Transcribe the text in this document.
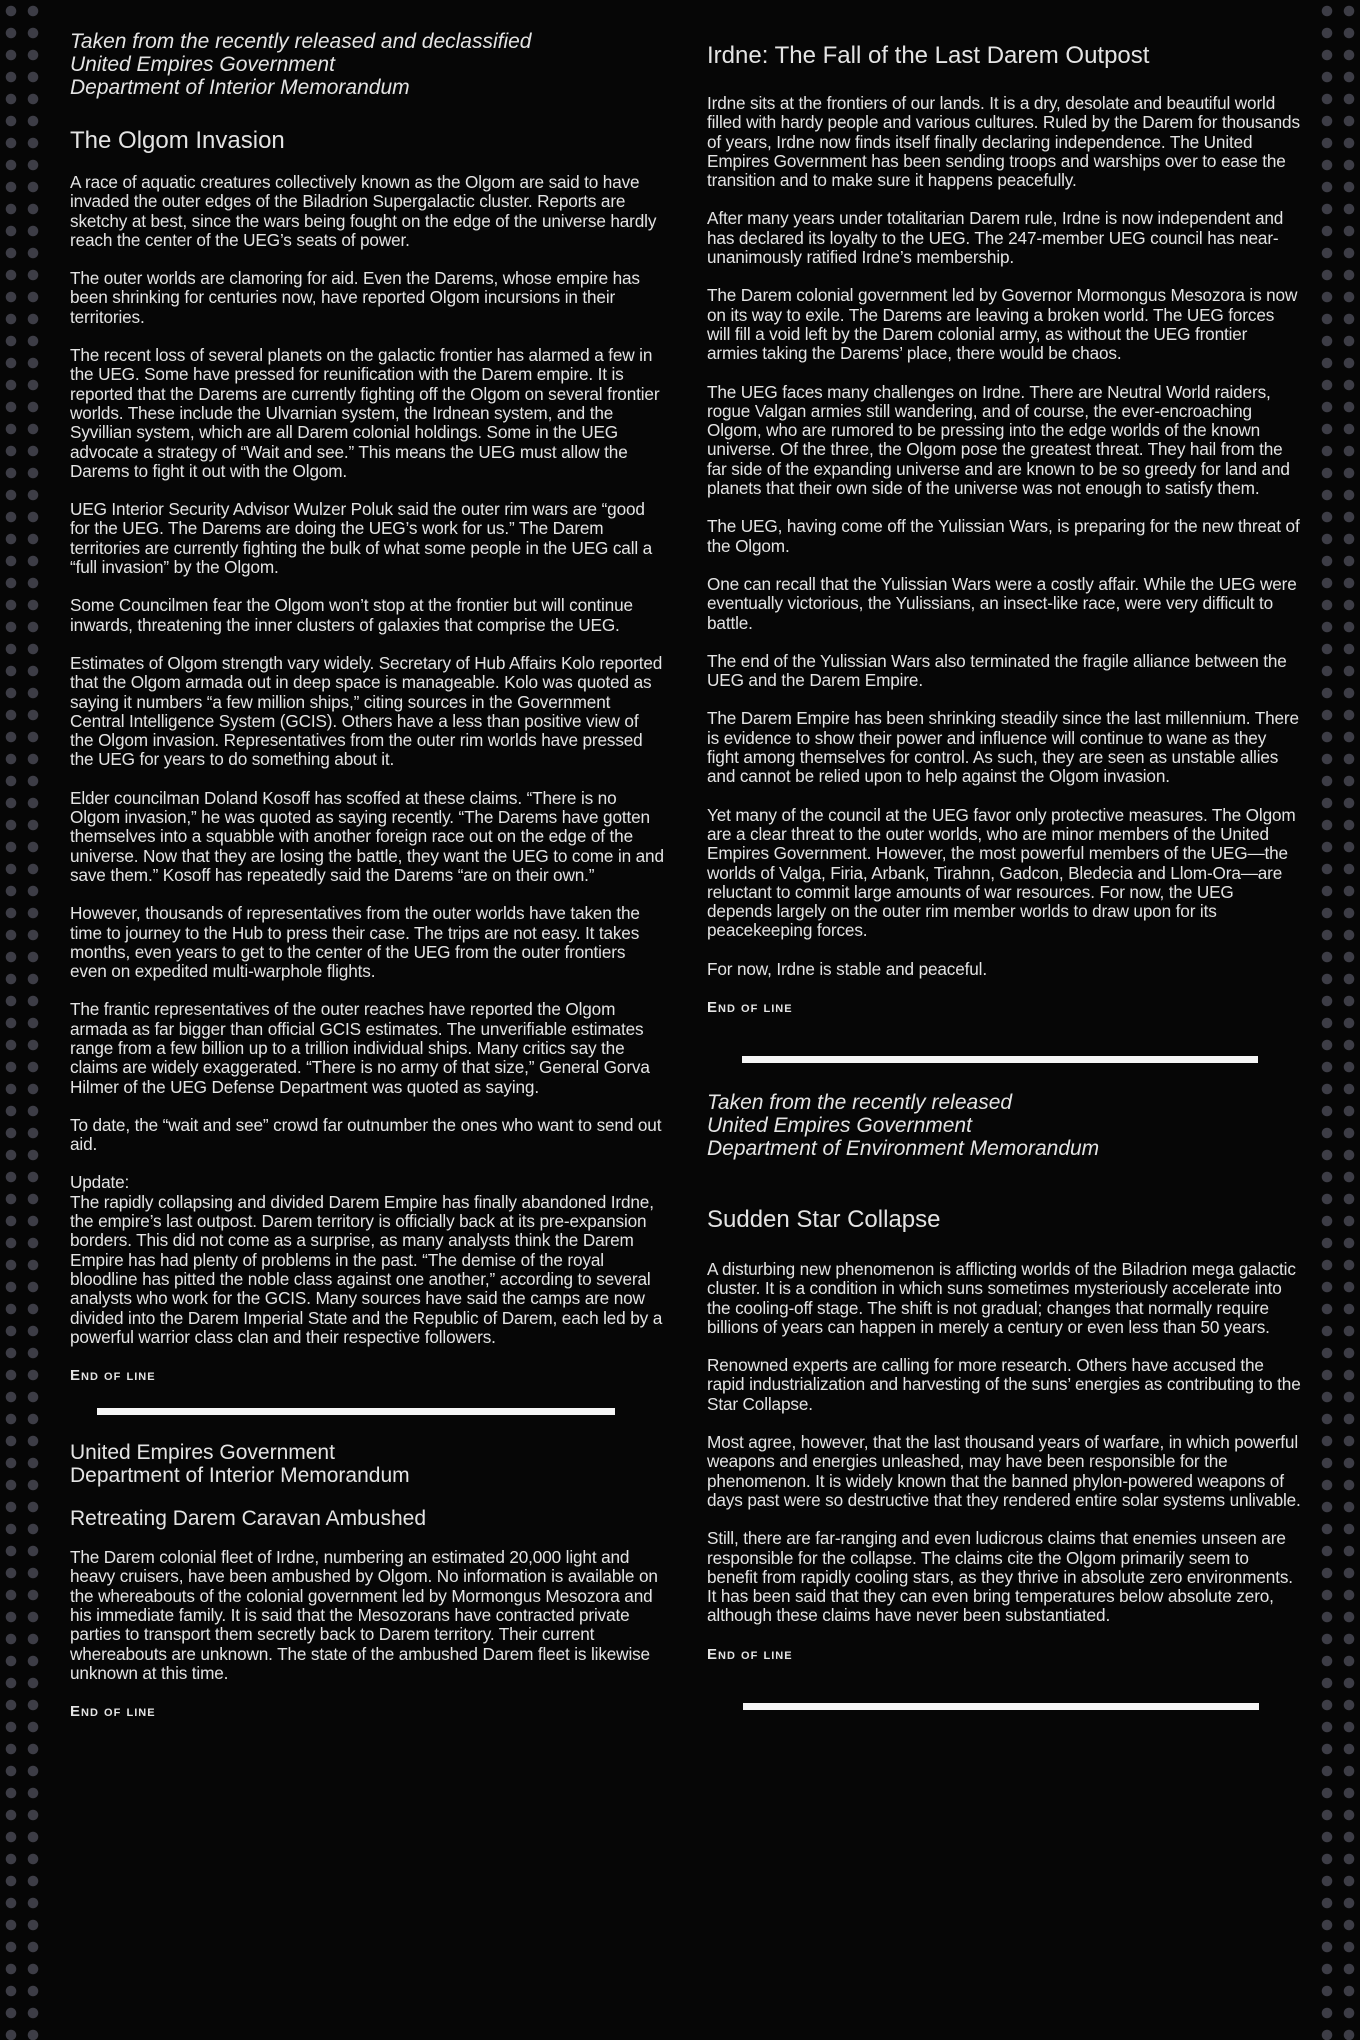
Taken from the recently released and declassified
United Empires Government
Department of Interior Memorandum
The Olgom Invasion

A race of aquatic creatures collectively known as the Olgom are said to have invaded the outer edges of the Biladrion Supergalactic cluster. Reports are sketchy at best, since the wars being fought on the edge of the universe hardly reach the center of the UEG’s seats of power.

The outer worlds are clamoring for aid. Even the Darems, whose empire has been shrinking for centuries now, have reported Olgom incursions in their territories.

The recent loss of several planets on the galactic frontier has alarmed a few in the UEG. Some have pressed for reunification with the Darem empire. It is reported that the Darems are currently fighting off the Olgom on several frontier worlds. These include the Ulvarnian system, the Irdnean system, and the Syvillian system, which are all Darem colonial holdings. Some in the UEG advocate a strategy of “Wait and see.” This means the UEG must allow the Darems to fight it out with the Olgom.

UEG Interior Security Advisor Wulzer Poluk said the outer rim wars are “good for the UEG. The Darems are doing the UEG’s work for us.” The Darem territories are currently fighting the bulk of what some people in the UEG call a “full invasion” by the Olgom.

Some Councilmen fear the Olgom won’t stop at the frontier but will continue inwards, threatening the inner clusters of galaxies that comprise the UEG.

Estimates of Olgom strength vary widely. Secretary of Hub Affairs Kolo reported that the Olgom armada out in deep space is manageable. Kolo was quoted as saying it numbers “a few million ships,” citing sources in the Government Central Intelligence System (GCIS). Others have a less than positive view of the Olgom invasion. Representatives from the outer rim worlds have pressed the UEG for years to do something about it.

Elder councilman Doland Kosoff has scoffed at these claims. “There is no Olgom invasion,” he was quoted as saying recently. “The Darems have gotten themselves into a squabble with another foreign race out on the edge of the universe. Now that they are losing the battle, they want the UEG to come in and save them.” Kosoff has repeatedly said the Darems “are on their own.”

However, thousands of representatives from the outer worlds have taken the time to journey to the Hub to press their case. The trips are not easy. It takes months, even years to get to the center of the UEG from the outer frontiers even on expedited multi-warphole flights.

The frantic representatives of the outer reaches have reported the Olgom armada as far bigger than official GCIS estimates. The unverifiable estimates range from a few billion up to a trillion individual ships. Many critics say the claims are widely exaggerated. “There is no army of that size,” General Gorva Hilmer of the UEG Defense Department was quoted as saying.

To date, the “wait and see” crowd far outnumber the ones who want to send out aid.

Update:
The rapidly collapsing and divided Darem Empire has finally abandoned Irdne, the empire’s last outpost. Darem territory is officially back at its pre-expansion borders. This did not come as a surprise, as many analysts think the Darem Empire has had plenty of problems in the past. “The demise of the royal bloodline has pitted the noble class against one another,” according to several analysts who work for the GCIS. Many sources have said the camps are now divided into the Darem Imperial State and the Republic of Darem, each led by a powerful warrior class clan and their respective followers.

End of line
United Empires Government
Department of Interior Memorandum
Retreating Darem Caravan Ambushed

The Darem colonial fleet of Irdne, numbering an estimated 20,000 light and heavy cruisers, have been ambushed by Olgom. No information is available on the whereabouts of the colonial government led by Mormongus Mesozora and his immediate family. It is said that the Mesozorans have contracted private parties to transport them secretly back to Darem territory. Their current whereabouts are unknown. The state of the ambushed Darem fleet is likewise unknown at this time.

End of line
Irdne: The Fall of the Last Darem Outpost

Irdne sits at the frontiers of our lands. It is a dry, desolate and beautiful world filled with hardy people and various cultures. Ruled by the Darem for thousands of years, Irdne now finds itself finally declaring independence. The United Empires Government has been sending troops and warships over to ease the transition and to make sure it happens peacefully.

After many years under totalitarian Darem rule, Irdne is now independent and has declared its loyalty to the UEG. The 247-member UEG council has near-unanimously ratified Irdne’s membership.

The Darem colonial government led by Governor Mormongus Mesozora is now on its way to exile. The Darems are leaving a broken world. The UEG forces will fill a void left by the Darem colonial army, as without the UEG frontier armies taking the Darems’ place, there would be chaos.

The UEG faces many challenges on Irdne. There are Neutral World raiders, rogue Valgan armies still wandering, and of course, the ever-encroaching Olgom, who are rumored to be pressing into the edge worlds of the known universe. Of the three, the Olgom pose the greatest threat. They hail from the far side of the expanding universe and are known to be so greedy for land and planets that their own side of the universe was not enough to satisfy them.

The UEG, having come off the Yulissian Wars, is preparing for the new threat of the Olgom.

One can recall that the Yulissian Wars were a costly affair. While the UEG were eventually victorious, the Yulissians, an insect-like race, were very difficult to battle.

The end of the Yulissian Wars also terminated the fragile alliance between the UEG and the Darem Empire.

The Darem Empire has been shrinking steadily since the last millennium. There is evidence to show their power and influence will continue to wane as they fight among themselves for control. As such, they are seen as unstable allies and cannot be relied upon to help against the Olgom invasion.

Yet many of the council at the UEG favor only protective measures. The Olgom are a clear threat to the outer worlds, who are minor members of the United Empires Government. However, the most powerful members of the UEG—the worlds of Valga, Firia, Arbank, Tirahnn, Gadcon, Bledecia and Llom-Ora—are reluctant to commit large amounts of war resources. For now, the UEG depends largely on the outer rim member worlds to draw upon for its peacekeeping forces.

For now, Irdne is stable and peaceful.

End of line
Taken from the recently released
United Empires Government
Department of Environment Memorandum
Sudden Star Collapse

A disturbing new phenomenon is afflicting worlds of the Biladrion mega galactic cluster. It is a condition in which suns sometimes mysteriously accelerate into the cooling-off stage. The shift is not gradual; changes that normally require billions of years can happen in merely a century or even less than 50 years.

Renowned experts are calling for more research. Others have accused the rapid industrialization and harvesting of the suns’ energies as contributing to the Star Collapse.

Most agree, however, that the last thousand years of warfare, in which powerful weapons and energies unleashed, may have been responsible for the phenomenon. It is widely known that the banned phylon-powered weapons of days past were so destructive that they rendered entire solar systems unlivable.

Still, there are far-ranging and even ludicrous claims that enemies unseen are responsible for the collapse. The claims cite the Olgom primarily seem to benefit from rapidly cooling stars, as they thrive in absolute zero environments. It has been said that they can even bring temperatures below absolute zero, although these claims have never been substantiated.

End of line
